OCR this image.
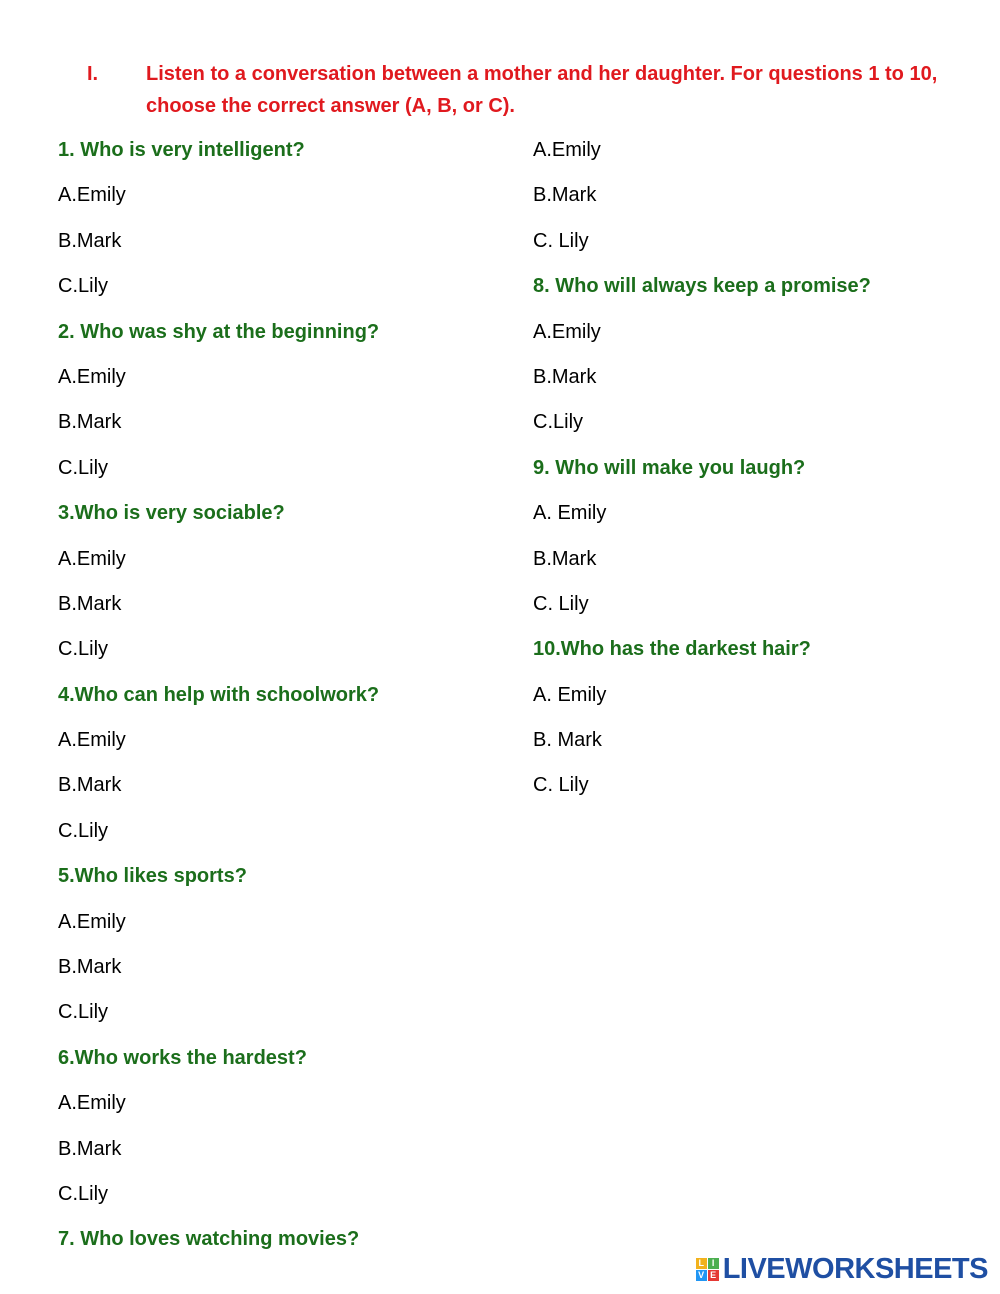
I.	Listen to a conversation between a mother and her daughter. For questions 1 to 10, choose the correct answer (A, B, or C).
1. Who is very intelligent?
A.Emily
B.Mark
C.Lily
2. Who was shy at the beginning?
A.Emily
B.Mark
C.Lily
3.Who is very sociable?
A.Emily
B.Mark
C.Lily
4.Who can help with schoolwork?
A.Emily
B.Mark
C.Lily
5.Who likes sports?
A.Emily
B.Mark
C.Lily
6.Who works the hardest?
A.Emily
B.Mark
C.Lily
7. Who loves watching movies?
A.Emily
B.Mark
C. Lily
8. Who will always keep a promise?
A.Emily
B.Mark
C.Lily
9. Who will make you laugh?
A. Emily
B.Mark
C. Lily
10.Who has the darkest hair?
A. Emily
B. Mark
C. Lily
L I
V E LIVEWORKSHEETS
